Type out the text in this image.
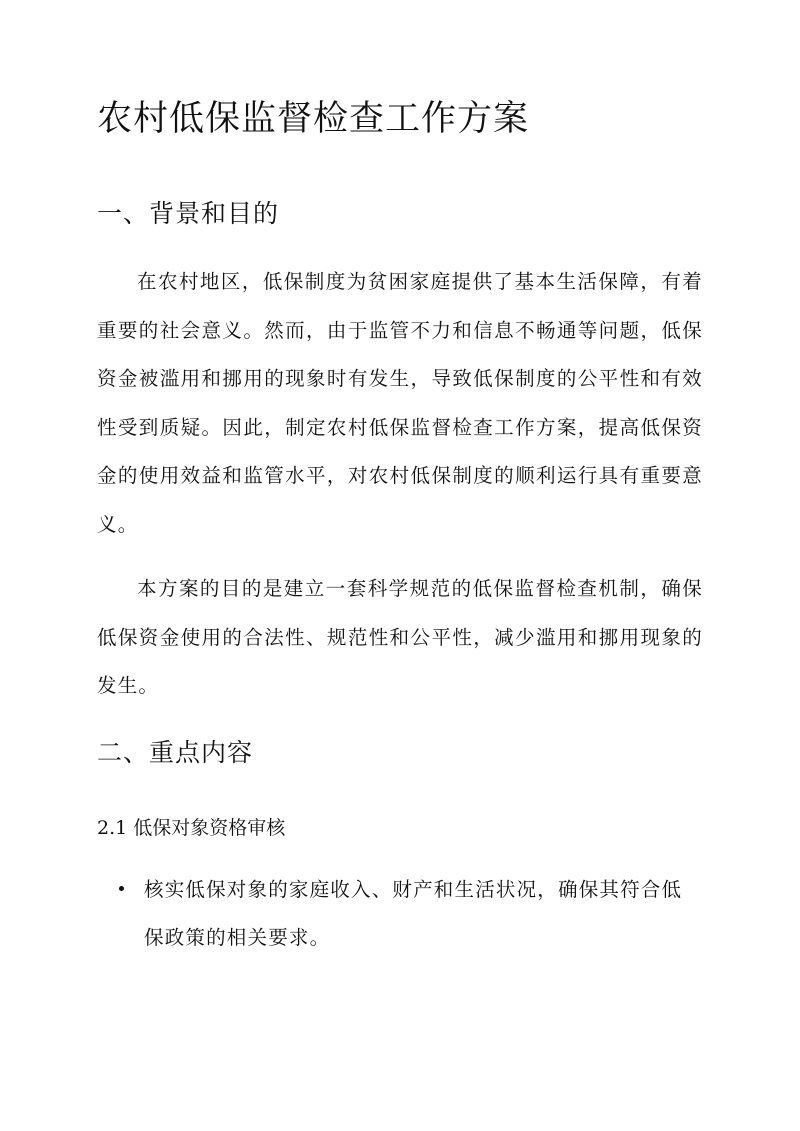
农村低保监督检查工作方案
一、背景和目的

在农村地区，低保制度为贫困家庭提供了基本生活保障，有着重要的社会意义。然而，由于监管不力和信息不畅通等问题，低保资金被滥用和挪用的现象时有发生，导致低保制度的公平性和有效性受到质疑。因此，制定农村低保监督检查工作方案，提高低保资金的使用效益和监管水平，对农村低保制度的顺利运行具有重要意义。

本方案的目的是建立一套科学规范的低保监督检查机制，确保低保资金使用的合法性、规范性和公平性，减少滥用和挪用现象的发生。

二、重点内容
2.1 低保对象资格审核

核实低保对象的家庭收入、财产和生活状况，确保其符合低保政策的相关要求。
